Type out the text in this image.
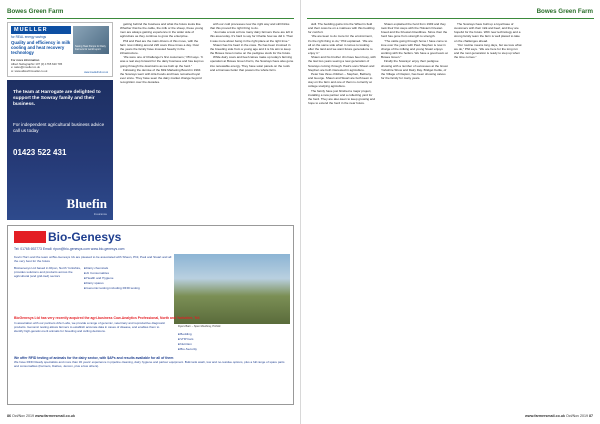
Bowes Green Farm
MUELLER
for REAL energy savings
Quality and efficiency in milk cooling and heat recovery technology
For more information
Albert Nellographic 107 (0) 1765 620 795
e: sales@mueller.co.uk
w: www.allworthmueller.co.uk
Saving Heat Pumps for Dairy Farmers for world report
www.muellerhub.co.uk
The team at Harrogate are delighted to support the Sowray family and their business.
For independent agricultural business advice call us today
01423 522 431
Bluefin
Insurance

getting behind the business and what the future looks like. Whether that be the cattle, the milk or the sheep, these young men are always gaining experience in the wider side of agriculture as they continue to grow the enterprise.

Phil and Paul are the main drivers of this move, with the farm now milking around 220 cows three times a day. Over the years the family have invested heavily in the infrastructure.

“We were one of Challenger’s first customers,” Phil says. “It was a real step forward for the dairy business and has kept us going through the downturns as we built up the herd.”

Following the demise of the Milk Marketing Board in 1994 the Sowrays went with Arla Foods and have remained loyal ever since. They have seen the dairy market change beyond recognition over the decades.

with our cold processes now the right way and still thinks that this proved the right thing to do.

“Just take a look at how many dairy farmers there are left in this area today. It's hard to say for Charlie how we did it. Then it was more about being in the right place at the right time.”

Shaun has his heart in the cows. He has been involved in the breeding side from a young age and it is his aim to keep the Bowes Green name on the pedigree stock for the future.

While dairy cows and beef calves make up today's farming operation at Bowes Green Farm, the Sowrays have also gone into renewable energy. They have solar panels on the roofs and a biomass boiler that powers the whole farm.

Bio-Genesys
Tel: 01765 692773 Email: ripon@bio-genesys.com www.bio-genesys.com
Kevin Horn and the team at Bio-Genesys Uk are pleased to be associated with Shaun, Phil, Paul and Stuart and all the very best for the future
Dyers Barn – Spen Mowbray, Pinfold
BioGenesys Ltd based in Ripon, North Yorkshire, provides solutions and products across the agricultural (and grid-tied) sectors
■ Dairy chemicals
■ AI Consumables
■ Health and Hygiene
■ Dairy spares
■ Genomic testing including RFID testing
■ Bedding
■ VHP bars
■ Nutrition
■ Bio-Security
BioGenesys Ltd has very recently acquired the agri-business Cow-Analytics Professional, North and Yorkshire, Tel:
In association with our partners Arfer Labs, we provide a range of genomic, veterinary and reproductive diagnostic products. Genomic testing allows farmers to establish accurate data in cases of disease, and enables them to identify high-genetic-merit animals for breeding and culling decisions.
We offer RFID testing of animals for the dairy sector, with $APs and results available for all of them
We have RFID Ready specialists and more than 30 years' experience in pipeline cleaning, dairy hygiene and parlour equipment. Bulk tank wash, low and no-residue options, plus a full range of spare parts and consumables (Farmers, Dairies, Jencon, plus a few others).
86 Oct/Nov 2019 www.farmersmail.co.uk
Bowes Green Farm

skill. The bedding gains into the Wilson’s field and their cows lie on a mattress with this bedding for comfort.

“We are keen to do more for the environment, it's the right thing to do,” Phil explained. “We are all on the same side when it comes to looking after the land and we want future generations to enjoy it.”

Shaun and his brother Jim have been busy, with the last two years seeing a new generation of Sowrays coming through. Paul's sons Shaun and Stephen are both interested in agriculture.

Peter has three children – Stephen, Bethany and George. Shaun and Stuart are both keen to stay on the farm and one of them is currently at college studying agriculture.

The family have just finished a major project, installing a new parlour and a collecting yard for the herd. They are also keen to keep growing and hope to extend the herd in the near future.

Shaun explained the herd from 1993 and they took their first steps with the Holstein Friesian breed and the Friesian bloodlines. Since then the herd has gone from strength to strength.

“The cattle going through home I have come to love over the years with Paul. Stephen is now in charge of the milking and young Stuart enjoys working with the heifers. We have a good team at Bowes Green.”

Finally the Sowrays' enjoy their pedigree showing with a number of successes at the Great Yorkshire Show and Dairy Day. Bridget Kettle, of the Village of Clapton, has been showing calves for the family for many years.

The Sowrays have built up a loyal base of customers with their milk and beef, and they are hopeful for the future. With new technology and a strong family team the farm is well placed to take on the challenges ahead.

“Our routine means long days, but we love what we do,” Phil says. “We are here for the long run and the next generation is ready to step up when the time comes.”

www.farmersmail.co.uk Oct/Nov 2019 87
